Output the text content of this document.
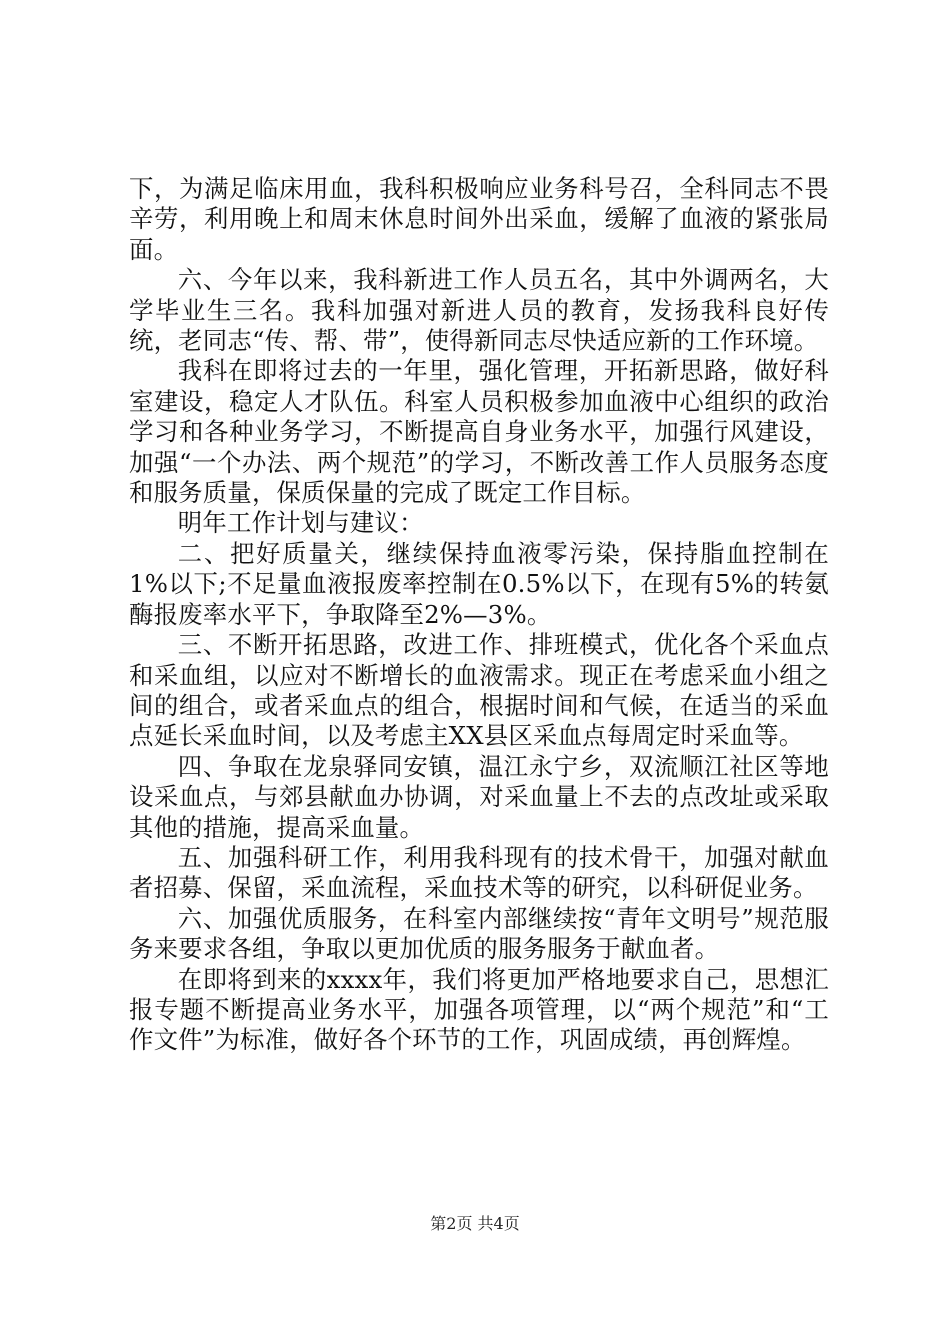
下，为满足临床用血，我科积极响应业务科号召，全科同志不畏辛劳，利用晚上和周末休息时间外出采血，缓解了血液的紧张局面。

六、今年以来，我科新进工作人员五名，其中外调两名，大学毕业生三名。我科加强对新进人员的教育，发扬我科良好传统，老同志“传、帮、带”，使得新同志尽快适应新的工作环境。

我科在即将过去的一年里，强化管理，开拓新思路，做好科室建设，稳定人才队伍。科室人员积极参加血液中心组织的政治学习和各种业务学习，不断提高自身业务水平，加强行风建设，加强“一个办法、两个规范”的学习，不断改善工作人员服务态度和服务质量，保质保量的完成了既定工作目标。

明年工作计划与建议：

二、把好质量关，继续保持血液零污染，保持脂血控制在1%以下;不足量血液报废率控制在0.5%以下，在现有5%的转氨酶报废率水平下，争取降至2%—3%。

三、不断开拓思路，改进工作、排班模式，优化各个采血点和采血组，以应对不断增长的血液需求。现正在考虑采血小组之间的组合，或者采血点的组合，根据时间和气候，在适当的采血点延长采血时间，以及考虑主XX县区采血点每周定时采血等。

四、争取在龙泉驿同安镇，温江永宁乡，双流顺江社区等地设采血点，与郊县献血办协调，对采血量上不去的点改址或采取其他的措施，提高采血量。

五、加强科研工作，利用我科现有的技术骨干，加强对献血者招募、保留，采血流程，采血技术等的研究，以科研促业务。

六、加强优质服务，在科室内部继续按“青年文明号”规范服务来要求各组，争取以更加优质的服务服务于献血者。

在即将到来的xxxx年，我们将更加严格地要求自己，思想汇报专题不断提高业务水平，加强各项管理，以“两个规范”和“工作文件”为标准，做好各个环节的工作，巩固成绩，再创辉煌。

第2页 共4页
